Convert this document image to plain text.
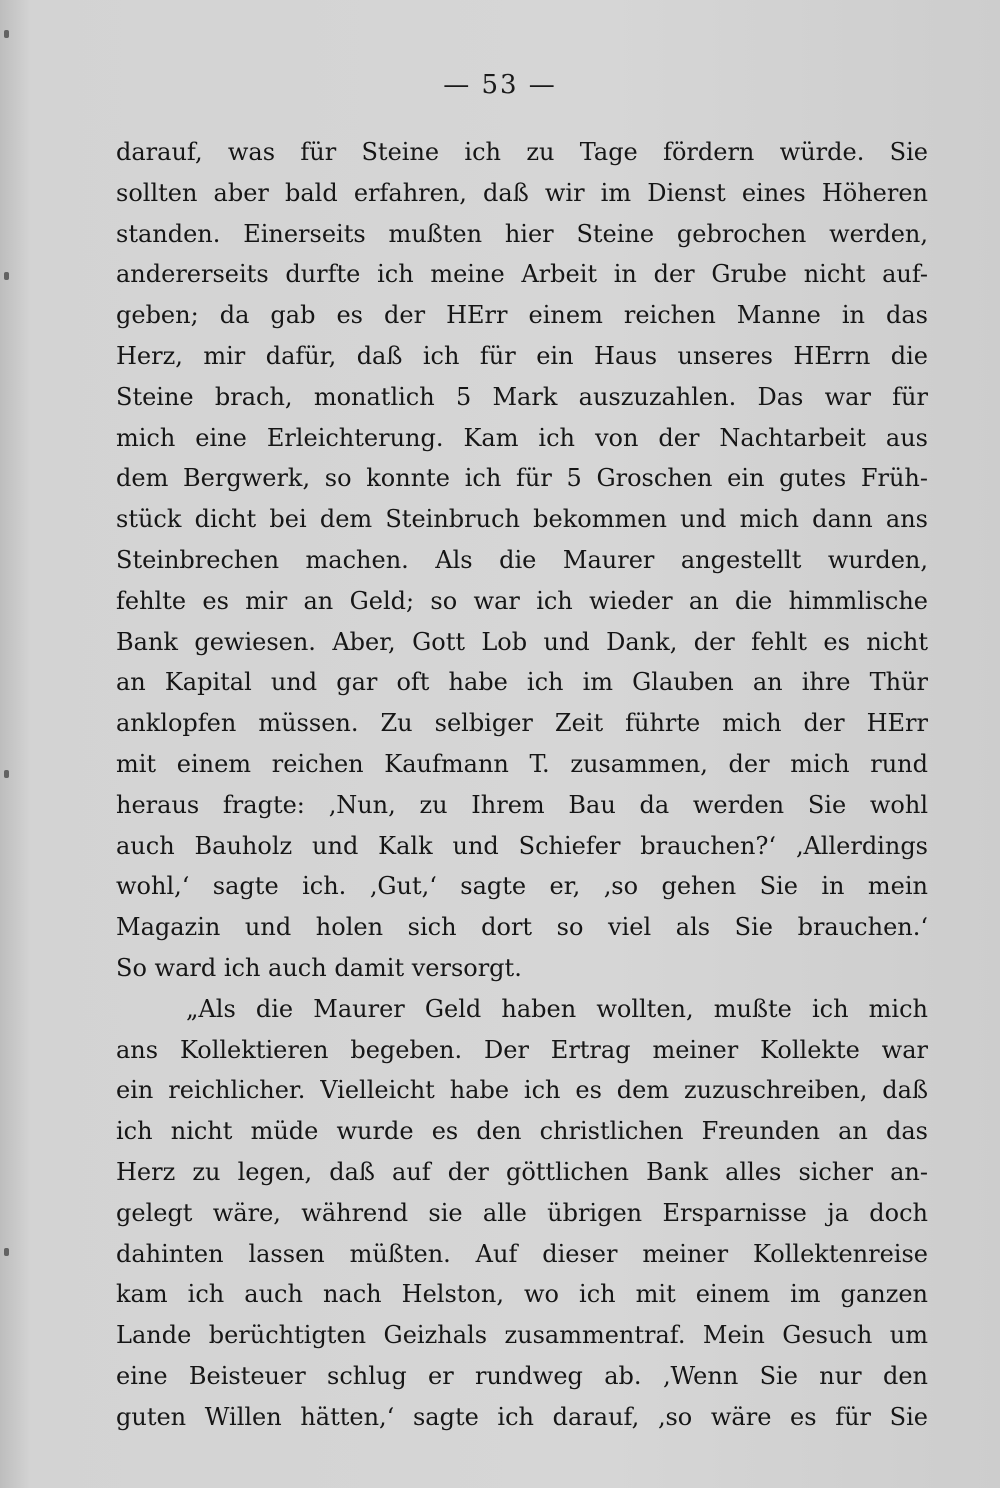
— 53 —
darauf, was für Steine ich zu Tage fördern würde. Sie
sollten aber bald erfahren, daß wir im Dienst eines Höheren
standen. Einerseits mußten hier Steine gebrochen werden,
andererseits durfte ich meine Arbeit in der Grube nicht auf-
geben; da gab es der HErr einem reichen Manne in das
Herz, mir dafür, daß ich für ein Haus unseres HErrn die
Steine brach, monatlich 5 Mark auszuzahlen. Das war für
mich eine Erleichterung. Kam ich von der Nachtarbeit aus
dem Bergwerk, so konnte ich für 5 Groschen ein gutes Früh-
stück dicht bei dem Steinbruch bekommen und mich dann ans
Steinbrechen machen. Als die Maurer angestellt wurden,
fehlte es mir an Geld; so war ich wieder an die himmlische
Bank gewiesen. Aber, Gott Lob und Dank, der fehlt es nicht
an Kapital und gar oft habe ich im Glauben an ihre Thür
anklopfen müssen. Zu selbiger Zeit führte mich der HErr
mit einem reichen Kaufmann T. zusammen, der mich rund
heraus fragte: ‚Nun, zu Ihrem Bau da werden Sie wohl
auch Bauholz und Kalk und Schiefer brauchen?‘ ‚Allerdings
wohl,‘ sagte ich. ‚Gut,‘ sagte er, ‚so gehen Sie in mein
Magazin und holen sich dort so viel als Sie brauchen.‘
So ward ich auch damit versorgt.
„Als die Maurer Geld haben wollten, mußte ich mich
ans Kollektieren begeben. Der Ertrag meiner Kollekte war
ein reichlicher. Vielleicht habe ich es dem zuzuschreiben, daß
ich nicht müde wurde es den christlichen Freunden an das
Herz zu legen, daß auf der göttlichen Bank alles sicher an-
gelegt wäre, während sie alle übrigen Ersparnisse ja doch
dahinten lassen müßten. Auf dieser meiner Kollektenreise
kam ich auch nach Helston, wo ich mit einem im ganzen
Lande berüchtigten Geizhals zusammentraf. Mein Gesuch um
eine Beisteuer schlug er rundweg ab. ‚Wenn Sie nur den
guten Willen hätten,‘ sagte ich darauf, ‚so wäre es für Sie
